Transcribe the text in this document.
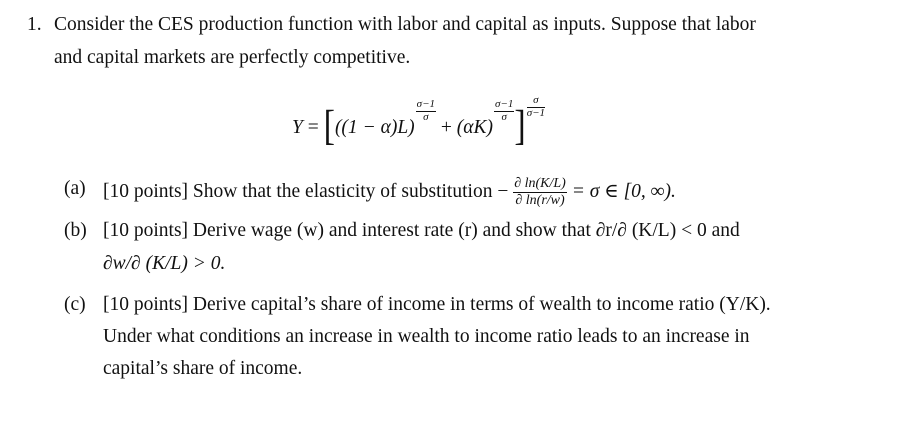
1. Consider the CES production function with labor and capital as inputs. Suppose that labor
and capital markets are perfectly competitive.
Y = [((1 − α)L)
$\frac{\sigma-1}{\sigma}$
+ (αK)
$\frac{\sigma-1}{\sigma}$ ] $\frac{\sigma}{\sigma-1}$
(a) [10 points] Show that the elasticity of substitution − $\frac{\partial \ln(K/L)}{\partial \ln(r/w)} = \sigma$ ∈ [0, ∞).
(b) [10 points] Derive wage (w) and interest rate (r) and show that ∂r/∂ (K/L) < 0 and
∂w/∂ (K/L) > 0.
(c) [10 points] Derive capital’s share of income in terms of wealth to income ratio (Y/K).
Under what conditions an increase in wealth to income ratio leads to an increase in
capital’s share of income.
